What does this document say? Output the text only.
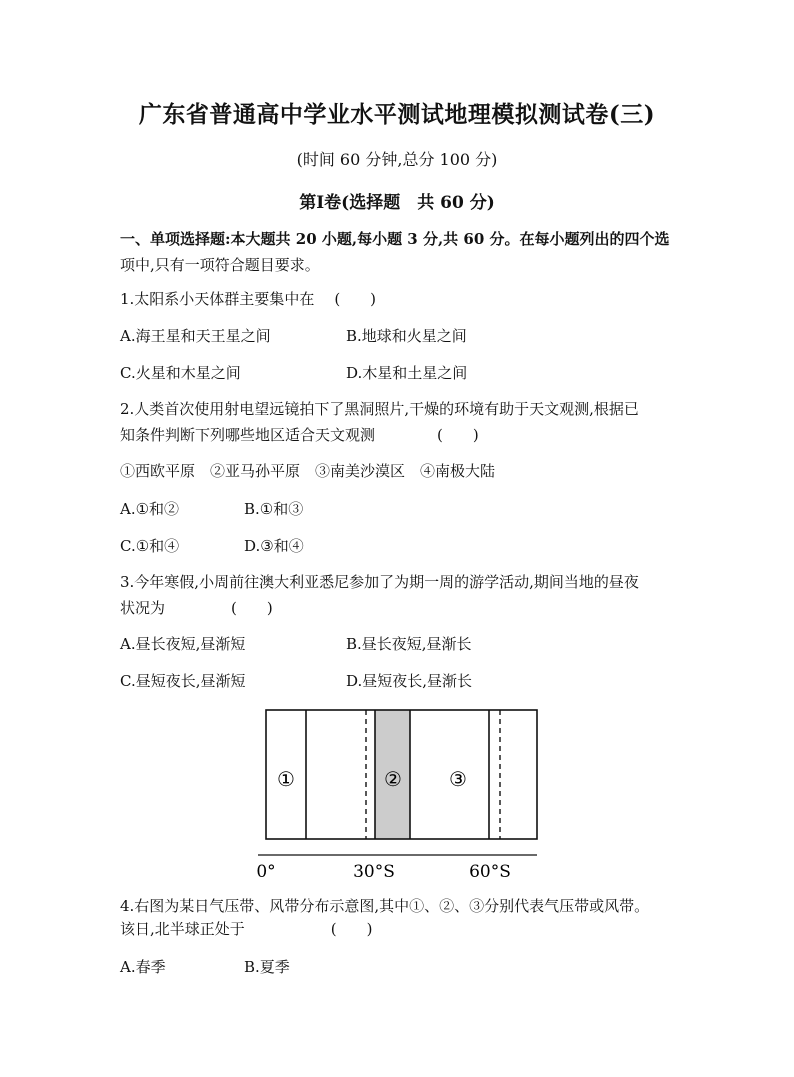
广东省普通高中学业水平测试地理模拟测试卷(三)
(时间 60 分钟,总分 100 分)
第Ⅰ卷(选择题　共 60 分)
一、单项选择题:本大题共 20 小题,每小题 3 分,共 60 分。在每小题列出的四个选
项中,只有一项符合题目要求。
1.太阳系小天体群主要集中在 (　　)
A.海王星和天王星之间	B.地球和火星之间
C.火星和木星之间	D.木星和土星之间
2.人类首次使用射电望远镜拍下了黑洞照片,干燥的环境有助于天文观测,根据已
知条件判断下列哪些地区适合天文观测	(　　)
①西欧平原　②亚马孙平原　③南美沙漠区　④南极大陆
A.①和②	B.①和③
C.①和④	D.③和④
3.今年寒假,小周前往澳大利亚悉尼参加了为期一周的游学活动,期间当地的昼夜
状况为	(　　)
A.昼长夜短,昼渐短	B.昼长夜短,昼渐长
C.昼短夜长,昼渐短	D.昼短夜长,昼渐长
①	② ③
0°	30°S	60°S
4.右图为某日气压带、风带分布示意图,其中①、②、③分别代表气压带或风带。
该日,北半球正处于	(　　)
A.春季	B.夏季
